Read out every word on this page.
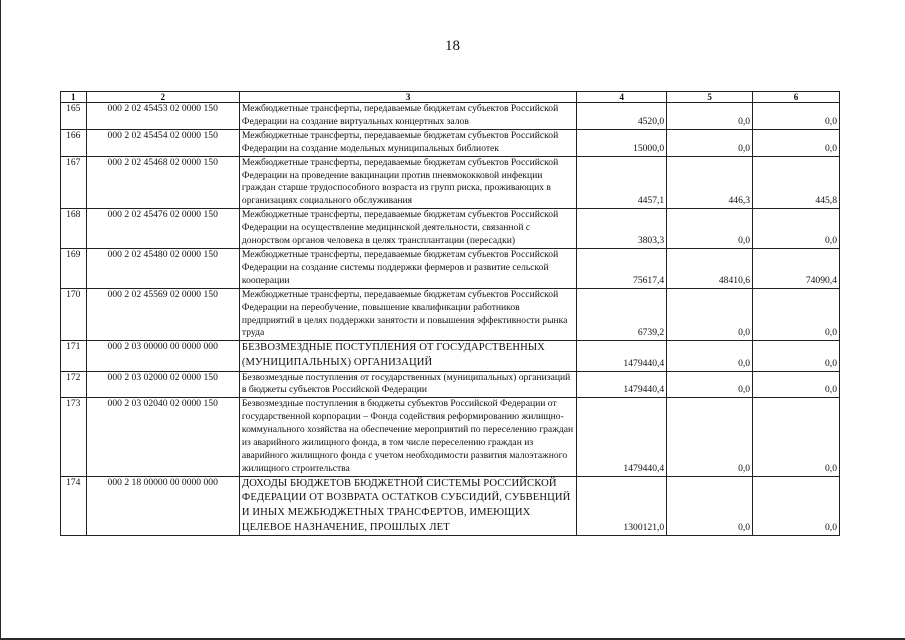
18
1	2	3	4	5	6
165	000 2 02 45453 02 0000 150	Межбюджетные трансферты, передаваемые бюджетам субъектов Российской Федерации на создание виртуальных концертных залов	4520,0	0,0	0,0
166	000 2 02 45454 02 0000 150	Межбюджетные трансферты, передаваемые бюджетам субъектов Российской Федерации на создание модельных муниципальных библиотек	15000,0	0,0	0,0
167	000 2 02 45468 02 0000 150	Межбюджетные трансферты, передаваемые бюджетам субъектов Российской Федерации на проведение вакцинации против пневмококковой инфекции граждан старше трудоспособного возраста из групп риска, проживающих в организациях социального обслуживания	4457,1	446,3	445,8
168	000 2 02 45476 02 0000 150	Межбюджетные трансферты, передаваемые бюджетам субъектов Российской Федерации на осуществление медицинской деятельности, связанной с донорством органов человека в целях трансплантации (пересадки)	3803,3	0,0	0,0
169	000 2 02 45480 02 0000 150	Межбюджетные трансферты, передаваемые бюджетам субъектов Российской Федерации на создание системы поддержки фермеров и развитие сельской кооперации	75617,4	48410,6	74090,4
170	000 2 02 45569 02 0000 150	Межбюджетные трансферты, передаваемые бюджетам субъектов Российской Федерации на переобучение, повышение квалификации работников предприятий в целях поддержки занятости и повышения эффективности рынка труда	6739,2	0,0	0,0
171	000 2 03 00000 00 0000 000	БЕЗВОЗМЕЗДНЫЕ ПОСТУПЛЕНИЯ ОТ ГОСУДАРСТВЕННЫХ (МУНИЦИПАЛЬНЫХ) ОРГАНИЗАЦИЙ	1479440,4	0,0	0,0
172	000 2 03 02000 02 0000 150	Безвозмездные поступления от государственных (муниципальных) организаций в бюджеты субъектов Российской Федерации	1479440,4	0,0	0,0
173	000 2 03 02040 02 0000 150	Безвозмездные поступления в бюджеты субъектов Российской Федерации от государственной корпорации – Фонда содействия реформированию жилищно-коммунального хозяйства на обеспечение мероприятий по переселению граждан из аварийного жилищного фонда, в том числе переселению граждан из аварийного жилищного фонда с учетом необходимости развития малоэтажного жилищного строительства	1479440,4	0,0	0,0
174	000 2 18 00000 00 0000 000	ДОХОДЫ БЮДЖЕТОВ БЮДЖЕТНОЙ СИСТЕМЫ РОССИЙСКОЙ ФЕДЕРАЦИИ ОТ ВОЗВРАТА ОСТАТКОВ СУБСИДИЙ, СУБВЕНЦИЙ И ИНЫХ МЕЖБЮДЖЕТНЫХ ТРАНСФЕРТОВ, ИМЕЮЩИХ ЦЕЛЕВОЕ НАЗНАЧЕНИЕ, ПРОШЛЫХ ЛЕТ	1300121,0	0,0	0,0
